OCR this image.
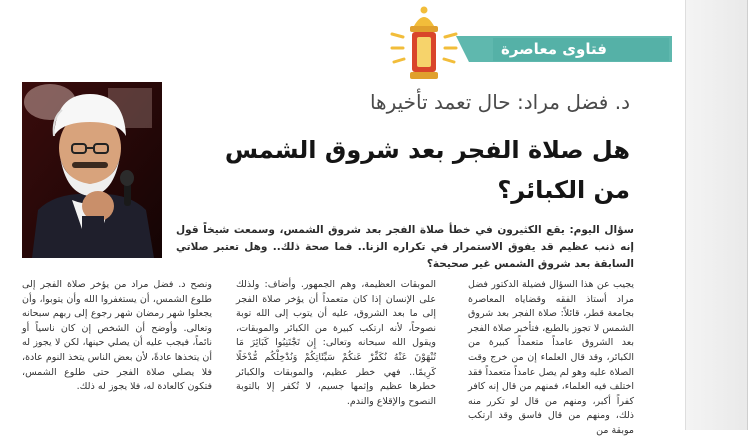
فتاوى معاصرة
د. فضل مراد: حال تعمد تأخيرها
هل صلاة الفجر بعد شروق الشمس
من الكبائر؟
سؤال اليوم: يقع الكثيرون في خطأ صلاة الفجر بعد شروق الشمس، وسمعت شيخاً قول إنه ذنب عظيم قد يفوق الاستمرار في تكراره الزنا.. فما صحة ذلك.. وهل تعتبر صلاتي السابقة بعد شروق الشمس غير صحيحة؟
يجيب عن هذا السؤال فضيلة الدكتور فضل مراد أستاذ الفقه وقضاياه المعاصرة بجامعة قطر، قائلاً: صلاة الفجر بعد شروق الشمس لا تجوز بالطبع، فتأخير صلاة الفجر بعد الشروق عامداً متعمداً كبيرة من الكبائر، وقد قال العلماء إن من خرج وقت الصلاة عليه وهو لم يصل عامداً متعمداً فقد اختلف فيه العلماء، فمنهم من قال إنه كافر كفراً أكبر، ومنهم من قال لو تكرر منه ذلك، ومنهم من قال فاسق وقد ارتكب موبقة من
الموبقات العظيمة، وهم الجمهور. وأضاف: ولذلك على الإنسان إذا كان متعمداً أن يؤخر صلاة الفجر إلى ما بعد الشروق، عليه أن يتوب إلى الله توبة نصوحاً، لأنه ارتكب كبيرة من الكبائر والموبقات، ويقول الله سبحانه وتعالى: إِن تَجْتَنِبُوا كَبَائِرَ مَا تُنْهَوْنَ عَنْهُ نُكَفِّرْ عَنكُمْ سَيِّئَاتِكُمْ وَنُدْخِلْكُم مُّدْخَلًا كَرِيمًا.. فهي خطر عظيم، والموبقات والكبائر خطرها عظيم وإثمها جسيم، لا تُكفر إلا بالتوبة النصوح والإقلاع والندم.
ونصح د. فضل مراد من يؤخر صلاة الفجر إلى طلوع الشمس، أن يستغفروا الله وأن يتوبوا، وأن يجعلوا شهر رمضان شهر رجوع إلى ربهم سبحانه وتعالى. وأوضح أن الشخص إن كان ناسياً أو نائماً، فيجب عليه أن يصلي حينها، لكن لا يجوز له أن يتخذها عادةً، لأن بعض الناس يتخذ النوم عادة، فلا يصلي صلاة الفجر حتى طلوع الشمس، فتكون كالعادة له، فلا يجوز له ذلك.
